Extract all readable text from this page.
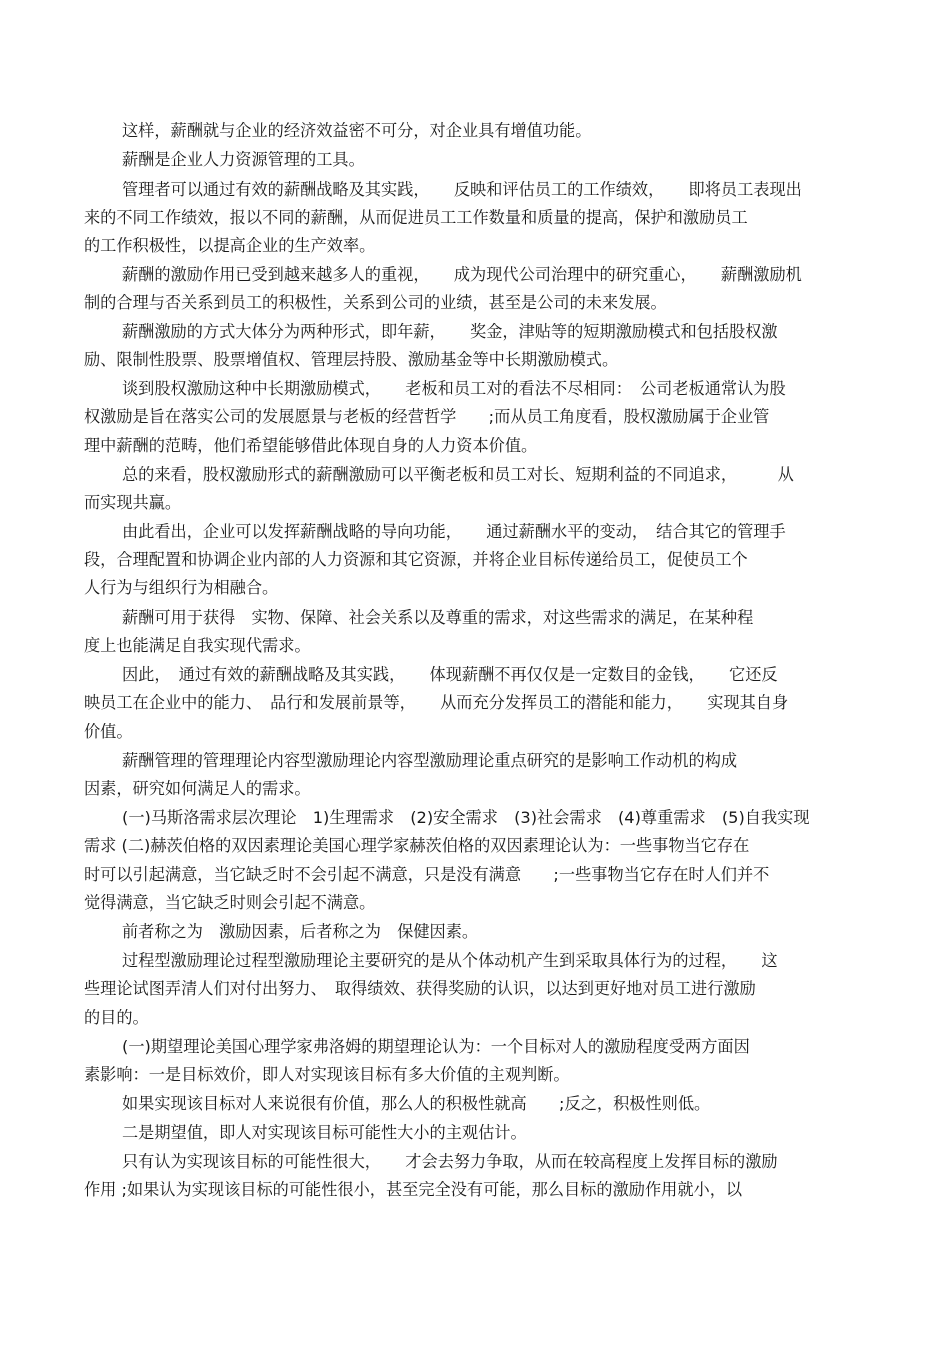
这样，薪酬就与企业的经济效益密不可分，对企业具有增值功能。
薪酬是企业人力资源管理的工具。
管理者可以通过有效的薪酬战略及其实践，　　反映和评估员工的工作绩效，　　即将员工表现出
来的不同工作绩效，报以不同的薪酬，从而促进员工工作数量和质量的提高，保护和激励员工
的工作积极性，以提高企业的生产效率。
薪酬的激励作用已受到越来越多人的重视，　　成为现代公司治理中的研究重心，　　薪酬激励机
制的合理与否关系到员工的积极性，关系到公司的业绩，甚至是公司的未来发展。
薪酬激励的方式大体分为两种形式，即年薪，　　奖金，津贴等的短期激励模式和包括股权激
励、限制性股票、股票增值权、管理层持股、激励基金等中长期激励模式。
谈到股权激励这种中长期激励模式，　　老板和员工对的看法不尽相同：　公司老板通常认为股
权激励是旨在落实公司的发展愿景与老板的经营哲学　　;而从员工角度看，股权激励属于企业管
理中薪酬的范畴，他们希望能够借此体现自身的人力资本价值。
总的来看，股权激励形式的薪酬激励可以平衡老板和员工对长、短期利益的不同追求，　　　从
而实现共赢。
由此看出，企业可以发挥薪酬战略的导向功能，　　通过薪酬水平的变动，　结合其它的管理手
段，合理配置和协调企业内部的人力资源和其它资源，并将企业目标传递给员工，促使员工个
人行为与组织行为相融合。
薪酬可用于获得　实物、保障、社会关系以及尊重的需求，对这些需求的满足，在某种程
度上也能满足自我实现代需求。
因此，　通过有效的薪酬战略及其实践，　　体现薪酬不再仅仅是一定数目的金钱，　　它还反
映员工在企业中的能力、　品行和发展前景等，　　从而充分发挥员工的潜能和能力，　　实现其自身
价值。
薪酬管理的管理理论内容型激励理论内容型激励理论重点研究的是影响工作动机的构成
因素，研究如何满足人的需求。
(一)马斯洛需求层次理论　1)生理需求　(2)安全需求　(3)社会需求　(4)尊重需求　(5)自我实现
需求 (二)赫茨伯格的双因素理论美国心理学家赫茨伯格的双因素理论认为：一些事物当它存在
时可以引起满意，当它缺乏时不会引起不满意，只是没有满意　　;一些事物当它存在时人们并不
觉得满意，当它缺乏时则会引起不满意。
前者称之为　激励因素，后者称之为　保健因素。
过程型激励理论过程型激励理论主要研究的是从个体动机产生到采取具体行为的过程，　　这
些理论试图弄清人们对付出努力、　取得绩效、获得奖励的认识，以达到更好地对员工进行激励
的目的。
(一)期望理论美国心理学家弗洛姆的期望理论认为：一个目标对人的激励程度受两方面因
素影响：一是目标效价，即人对实现该目标有多大价值的主观判断。
如果实现该目标对人来说很有价值，那么人的积极性就高　　;反之，积极性则低。
二是期望值，即人对实现该目标可能性大小的主观估计。
只有认为实现该目标的可能性很大，　　才会去努力争取，从而在较高程度上发挥目标的激励
作用 ;如果认为实现该目标的可能性很小，甚至完全没有可能，那么目标的激励作用就小，以
